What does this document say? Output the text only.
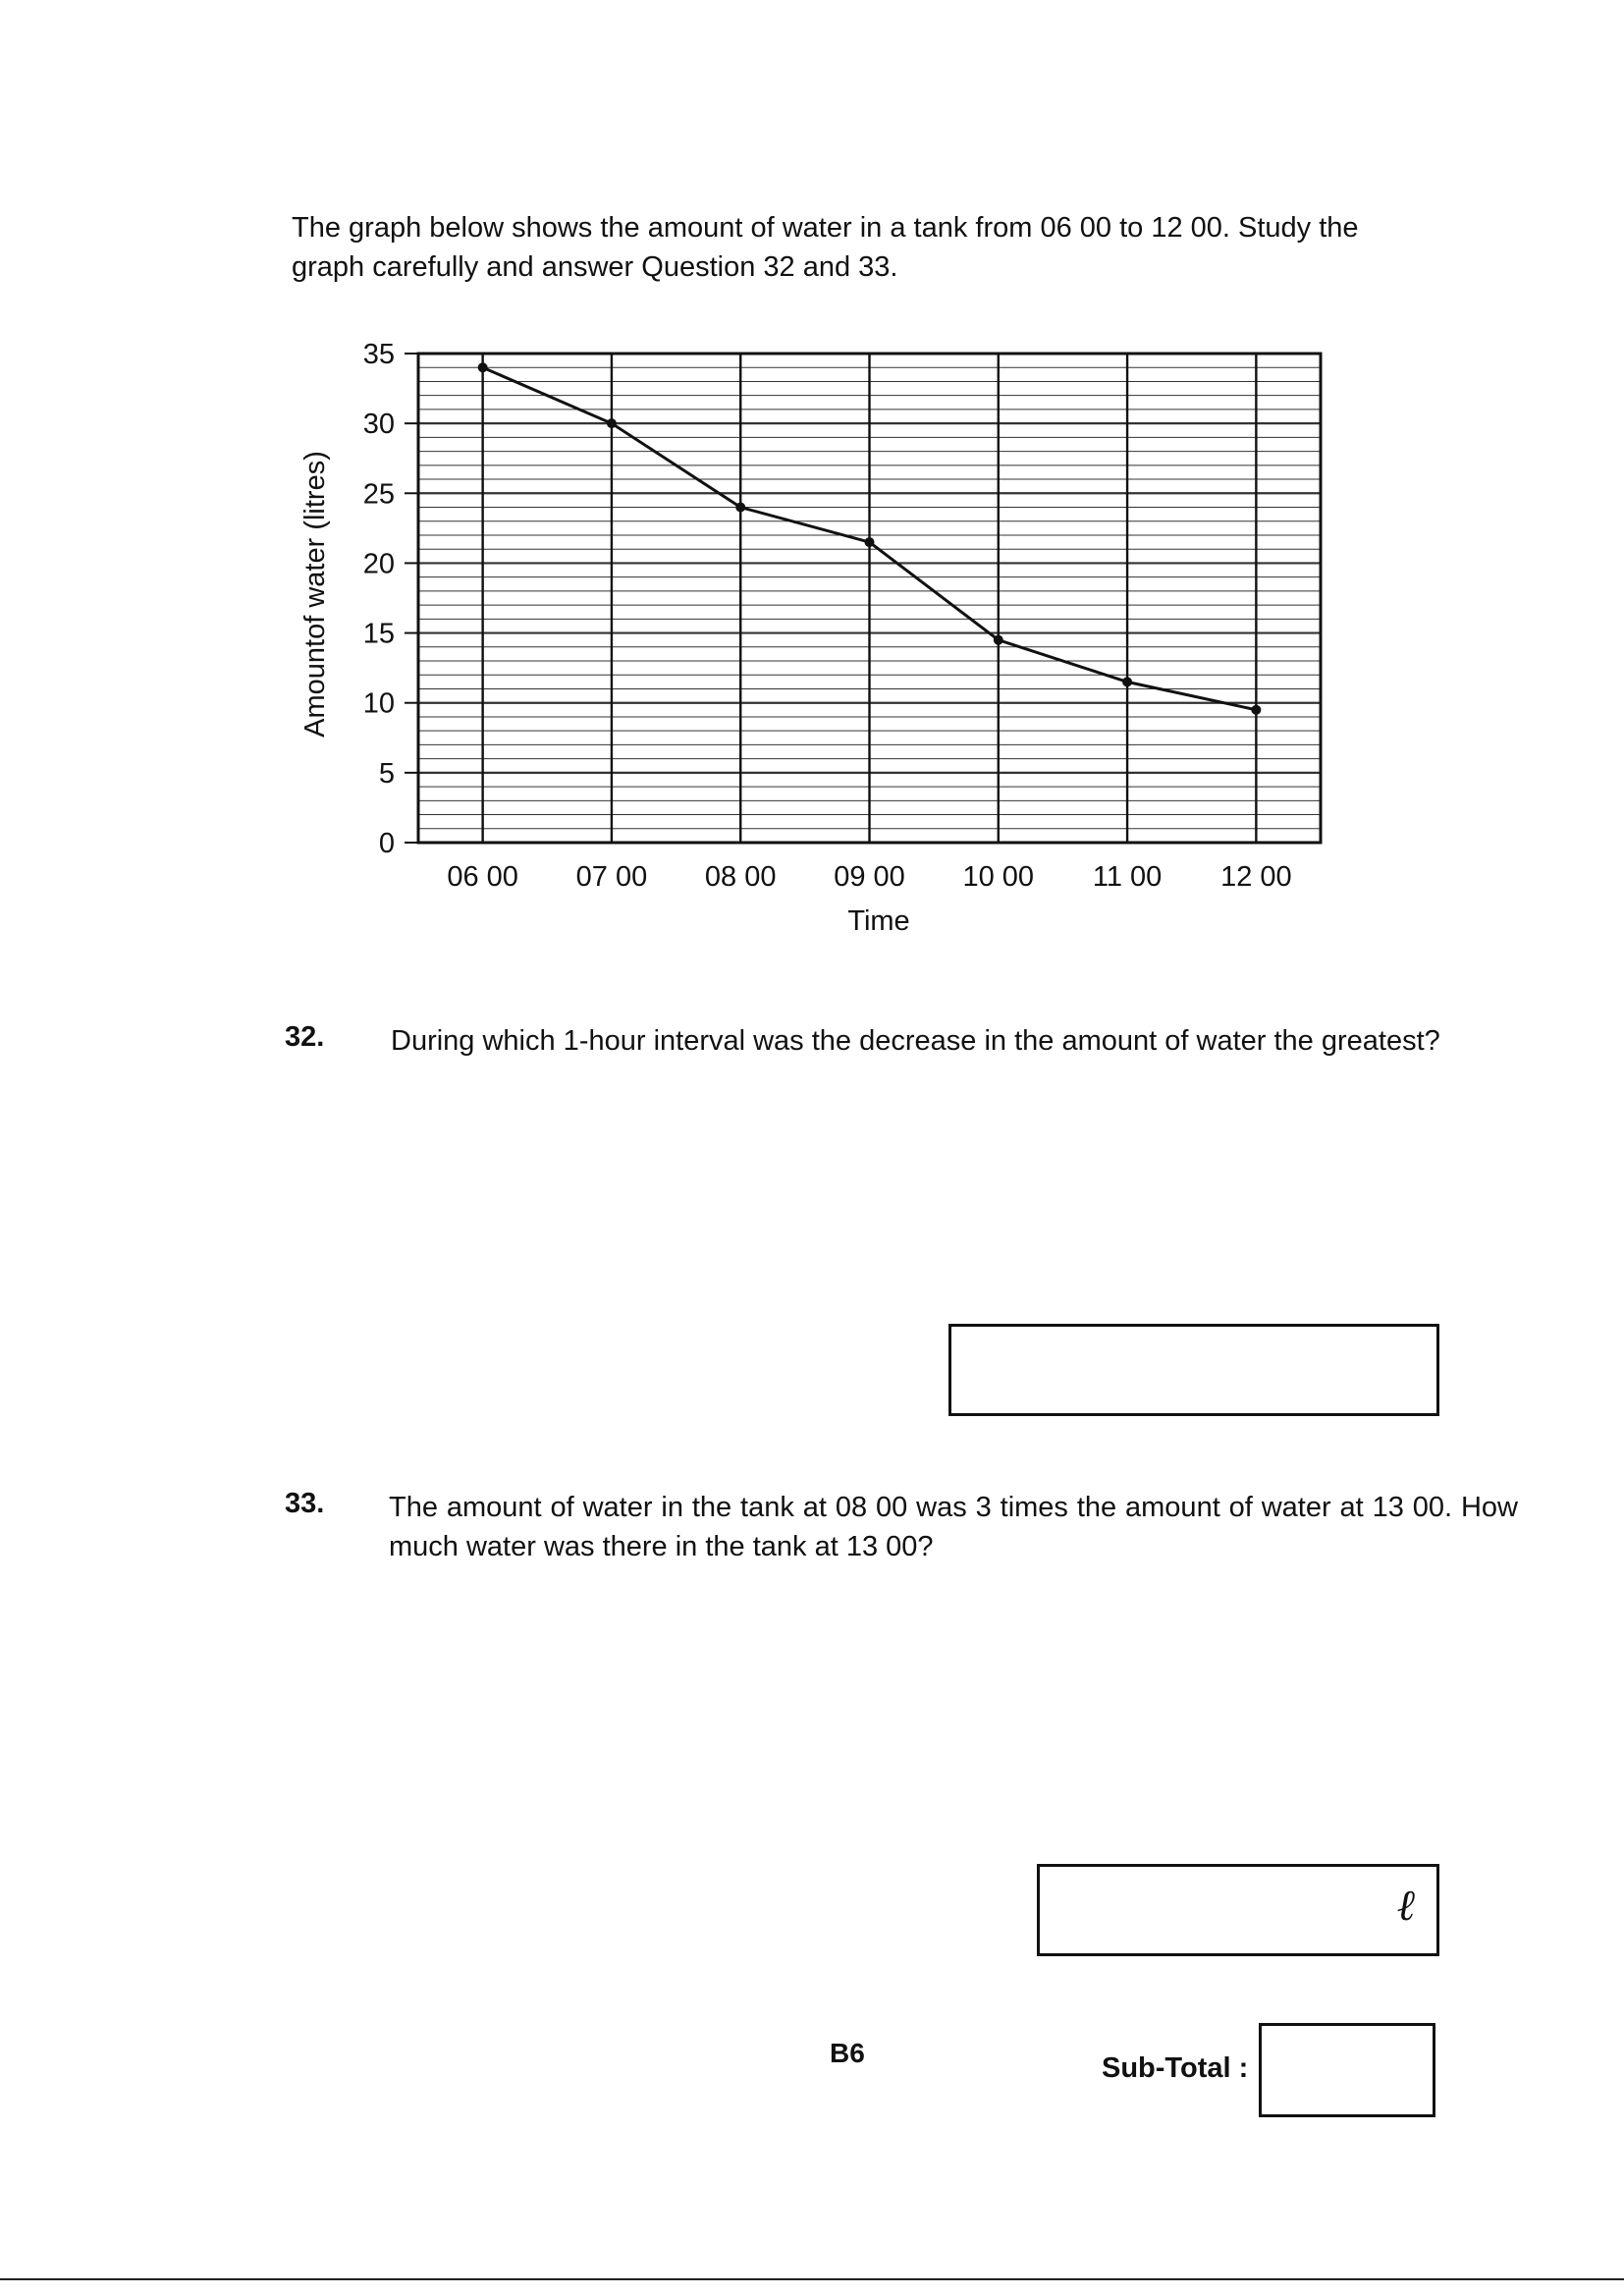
The graph below shows the amount of water in a tank from 06 00 to 12 00. Study the graph carefully and answer Question 32 and 33.
0
5
10
15
20
25
30
35
06 00 07 00 08 00 09 00 10 00 11 00 12 00
Time
Amountof water (litres)
32. During which 1-hour interval was the decrease in the amount of water the greatest?
33. The amount of water in the tank at 08 00 was 3 times the amount of water at 13 00. How much water was there in the tank at 13 00?
ℓ
B6	Sub-Total :
